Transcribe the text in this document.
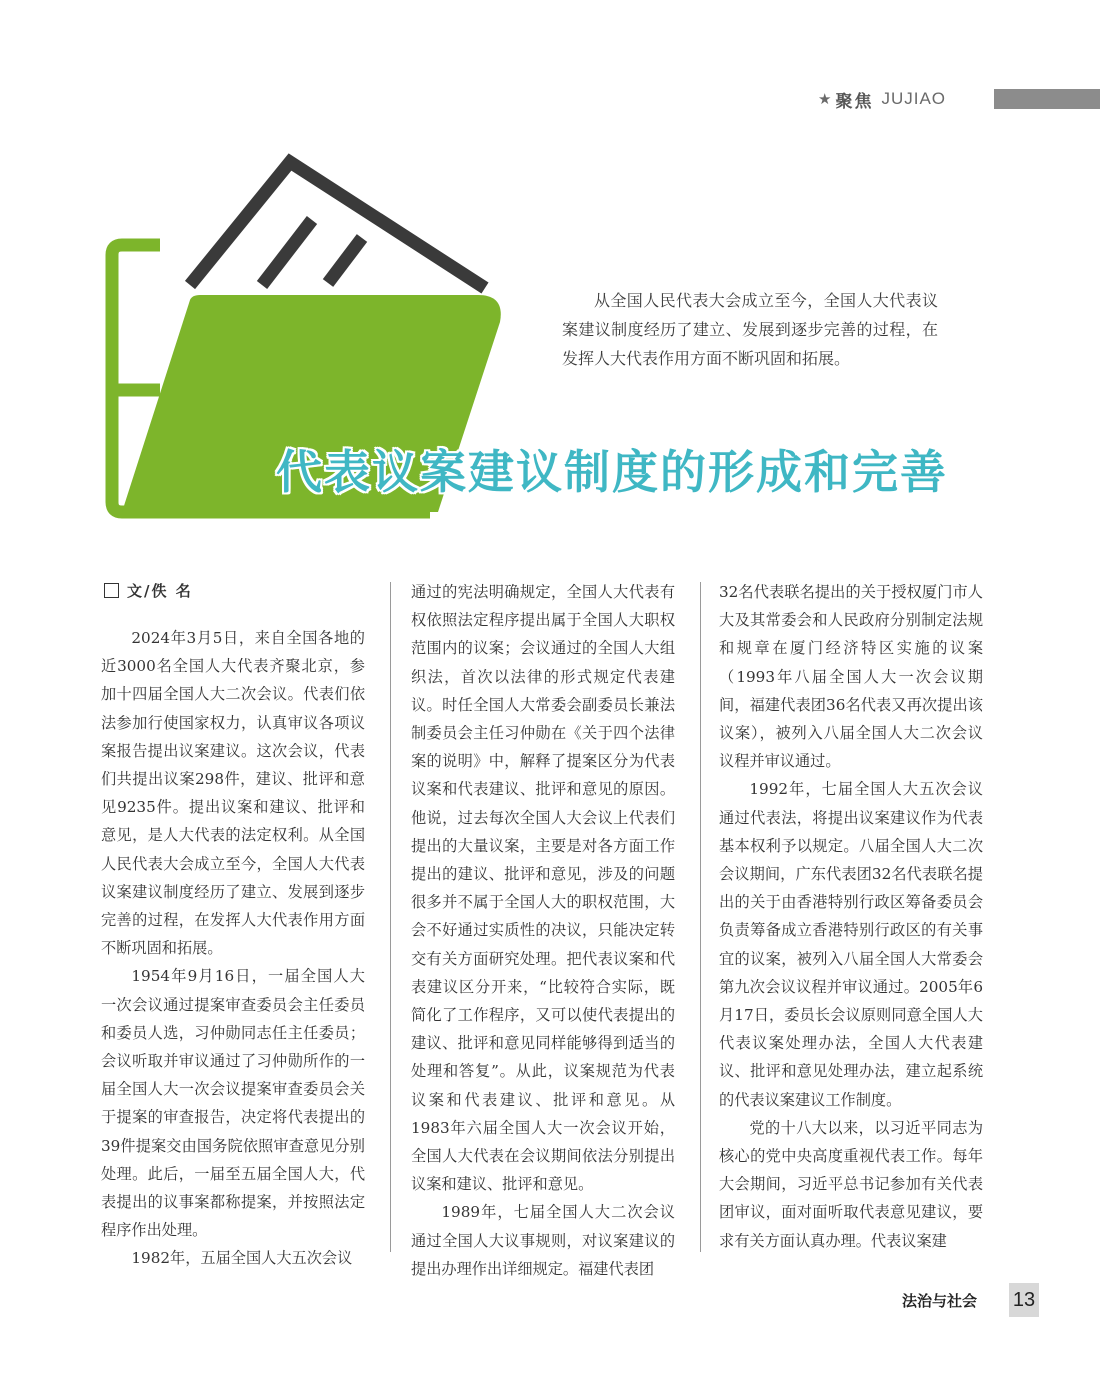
★ 聚焦 JUJIAO
从全国人民代表大会成立至今，全国人大代表议案建议制度经历了建立、发展到逐步完善的过程，在发挥人大代表作用方面不断巩固和拓展。
代表议案建议制度的形成和完善
文/佚 名

2024年3月5日，来自全国各地的近3000名全国人大代表齐聚北京，参加十四届全国人大二次会议。代表们依法参加行使国家权力，认真审议各项议案报告提出议案建议。这次会议，代表们共提出议案298件，建议、批评和意见9235件。提出议案和建议、批评和意见，是人大代表的法定权利。从全国人民代表大会成立至今，全国人大代表议案建议制度经历了建立、发展到逐步完善的过程，在发挥人大代表作用方面不断巩固和拓展。

1954年9月16日，一届全国人大一次会议通过提案审查委员会主任委员和委员人选，习仲勋同志任主任委员；会议听取并审议通过了习仲勋所作的一届全国人大一次会议提案审查委员会关于提案的审查报告，决定将代表提出的39件提案交由国务院依照审查意见分别处理。此后，一届至五届全国人大，代表提出的议事案都称提案，并按照法定程序作出处理。

1982年，五届全国人大五次会议

通过的宪法明确规定，全国人大代表有权依照法定程序提出属于全国人大职权范围内的议案；会议通过的全国人大组织法，首次以法律的形式规定代表建议。时任全国人大常委会副委员长兼法制委员会主任习仲勋在《关于四个法律案的说明》中，解释了提案区分为代表议案和代表建议、批评和意见的原因。他说，过去每次全国人大会议上代表们提出的大量议案，主要是对各方面工作提出的建议、批评和意见，涉及的问题很多并不属于全国人大的职权范围，大会不好通过实质性的决议，只能决定转交有关方面研究处理。把代表议案和代表建议区分开来，“比较符合实际，既简化了工作程序，又可以使代表提出的建议、批评和意见同样能够得到适当的处理和答复”。从此，议案规范为代表议案和代表建议、批评和意见。从1983年六届全国人大一次会议开始，全国人大代表在会议期间依法分别提出议案和建议、批评和意见。

1989年，七届全国人大二次会议通过全国人大议事规则，对议案建议的提出办理作出详细规定。福建代表团

32名代表联名提出的关于授权厦门市人大及其常委会和人民政府分别制定法规和规章在厦门经济特区实施的议案（1993年八届全国人大一次会议期间，福建代表团36名代表又再次提出该议案），被列入八届全国人大二次会议议程并审议通过。

1992年，七届全国人大五次会议通过代表法，将提出议案建议作为代表基本权利予以规定。八届全国人大二次会议期间，广东代表团32名代表联名提出的关于由香港特别行政区筹备委员会负责筹备成立香港特别行政区的有关事宜的议案，被列入八届全国人大常委会第九次会议议程并审议通过。2005年6月17日，委员长会议原则同意全国人大代表议案处理办法，全国人大代表建议、批评和意见处理办法，建立起系统的代表议案建议工作制度。

党的十八大以来，以习近平同志为核心的党中央高度重视代表工作。每年大会期间，习近平总书记参加有关代表团审议，面对面听取代表意见建议，要求有关方面认真办理。代表议案建

法治与社会 13
